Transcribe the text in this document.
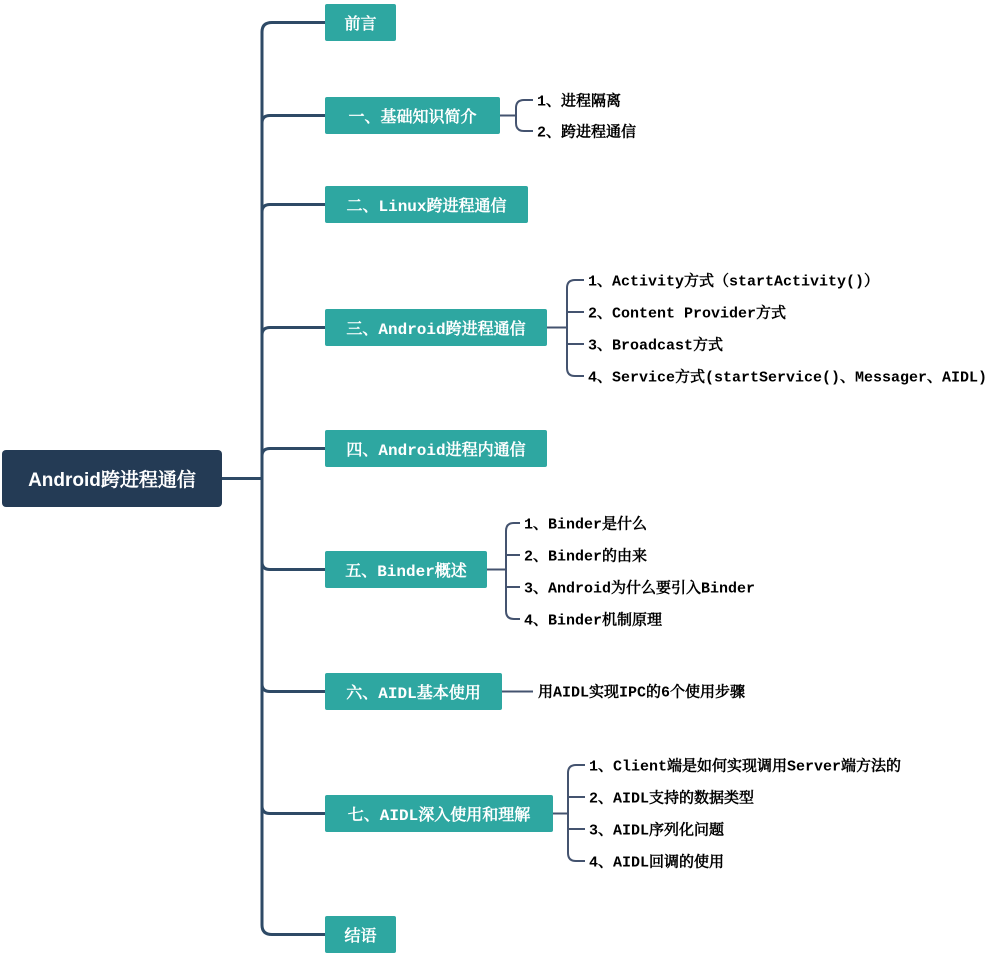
Android跨进程通信
前言
一、基础知识简介
二、Linux跨进程通信
三、Android跨进程通信
四、Android进程内通信
五、Binder概述
六、AIDL基本使用
七、AIDL深入使用和理解
结语
1、进程隔离
2、跨进程通信
1、Activity方式（startActivity()）
2、Content Provider方式
3、Broadcast方式
4、Service方式(startService()、Messager、AIDL)
1、Binder是什么
2、Binder的由来
3、Android为什么要引入Binder
4、Binder机制原理
用AIDL实现IPC的6个使用步骤
1、Client端是如何实现调用Server端方法的
2、AIDL支持的数据类型
3、AIDL序列化问题
4、AIDL回调的使用
